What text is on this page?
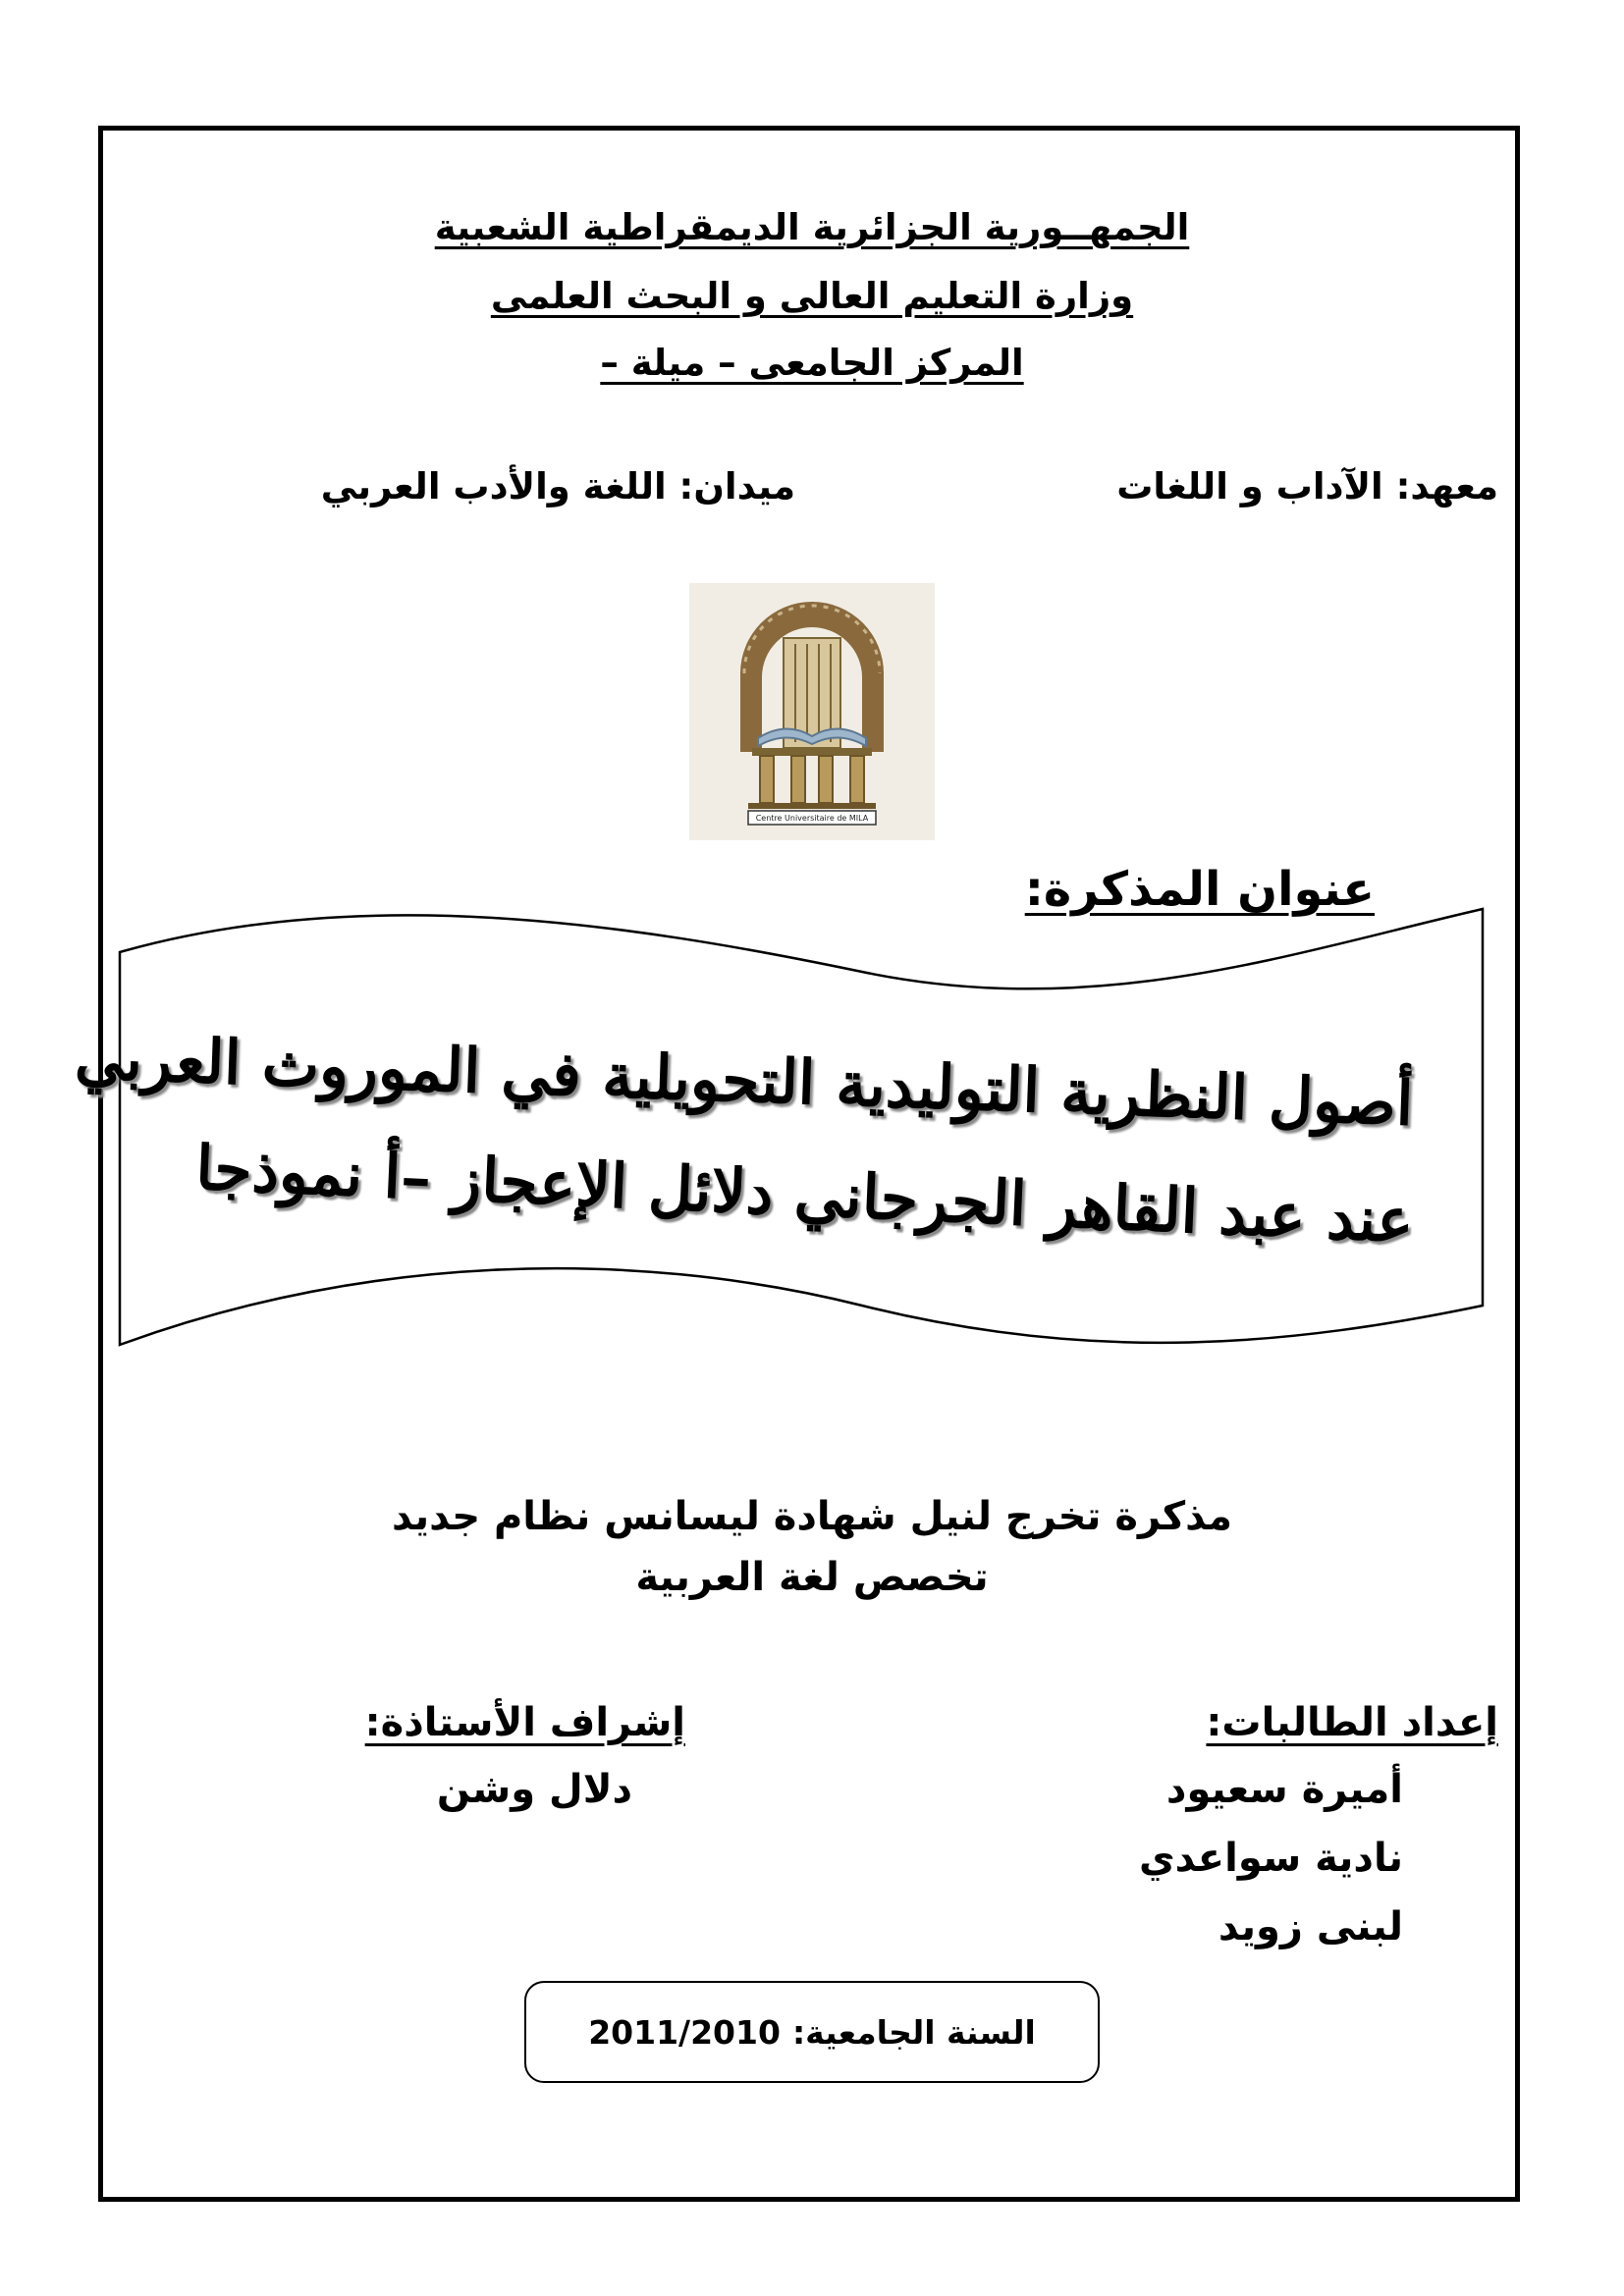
الجمهــورية الجزائرية الديمقراطية الشعبية
وزارة التعليم العالى و البحث العلمى
المركز الجامعى – ميلة –
معهد: الآداب و اللغات
ميدان: اللغة والأدب العربي
Centre Universitaire de MILA
عنوان المذكرة:
أصول النظرية التوليدية التحويلية في الموروث العربي
عند عبد القاهر الجرجاني دلائل الإعجاز –أ نموذجا
مذكرة تخرج لنيل شهادة ليسانس نظام جديد
تخصص لغة العربية
إعداد الطالبات:
أميرة سعيود
نادية سواعدي
لبنى زويد
إشراف الأستاذة:
دلال وشن
السنة الجامعية:
2011/2010
